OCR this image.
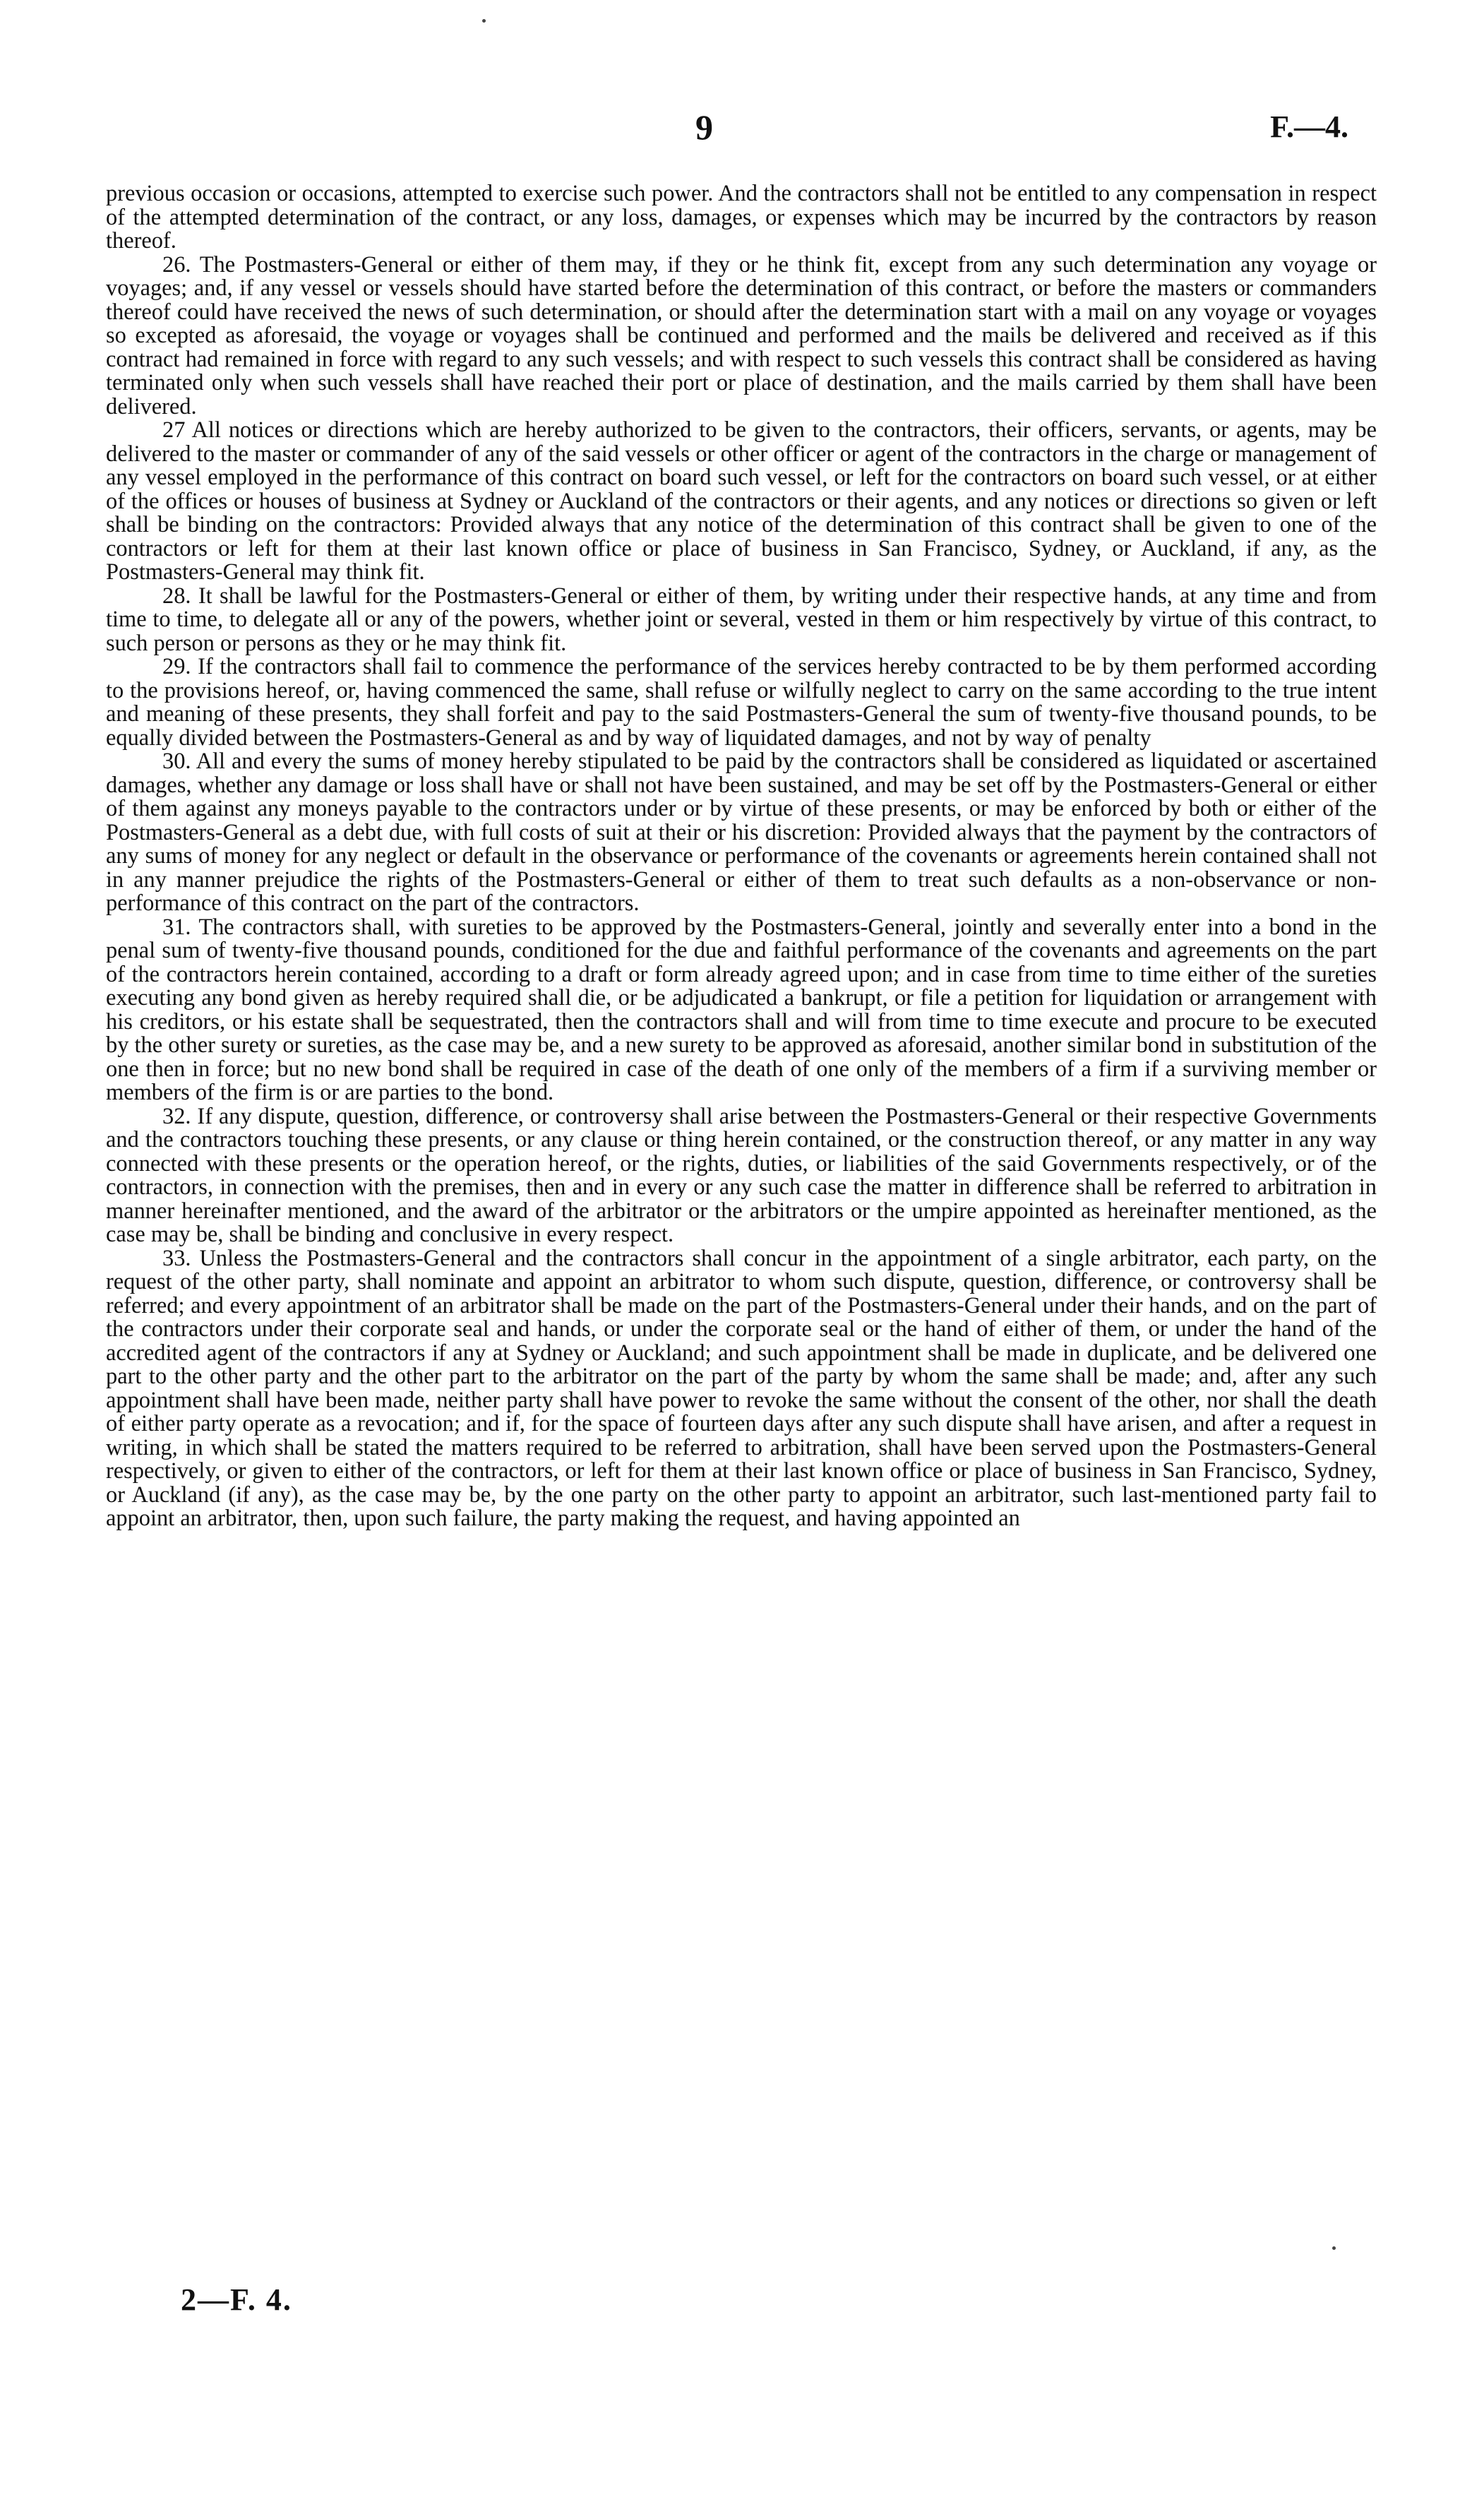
9	F.—4.

previous occasion or occasions, attempted to exercise such power. And the contractors shall not be entitled to any compensation in respect of the attempted determination of the contract, or any loss, damages, or expenses which may be incurred by the contractors by reason thereof.

26. The Postmasters-General or either of them may, if they or he think fit, except from any such determination any voyage or voyages; and, if any vessel or vessels should have started before the determination of this contract, or before the masters or commanders thereof could have received the news of such determination, or should after the determination start with a mail on any voyage or voyages so excepted as aforesaid, the voyage or voyages shall be continued and performed and the mails be delivered and received as if this contract had remained in force with regard to any such vessels; and with respect to such vessels this contract shall be considered as having terminated only when such vessels shall have reached their port or place of destination, and the mails carried by them shall have been delivered.

27 All notices or directions which are hereby authorized to be given to the contractors, their officers, servants, or agents, may be delivered to the master or commander of any of the said vessels or other officer or agent of the contractors in the charge or management of any vessel employed in the performance of this contract on board such vessel, or left for the contractors on board such vessel, or at either of the offices or houses of business at Sydney or Auckland of the contractors or their agents, and any notices or directions so given or left shall be binding on the contractors: Provided always that any notice of the determination of this contract shall be given to one of the contractors or left for them at their last known office or place of business in San Francisco, Sydney, or Auckland, if any, as the Postmasters-General may think fit.

28. It shall be lawful for the Postmasters-General or either of them, by writing under their respective hands, at any time and from time to time, to delegate all or any of the powers, whether joint or several, vested in them or him respectively by virtue of this contract, to such person or persons as they or he may think fit.

29. If the contractors shall fail to commence the performance of the services hereby contracted to be by them performed according to the provisions hereof, or, having commenced the same, shall refuse or wilfully neglect to carry on the same according to the true intent and meaning of these presents, they shall forfeit and pay to the said Postmasters-General the sum of twenty-five thousand pounds, to be equally divided between the Postmasters-General as and by way of liquidated damages, and not by way of penalty

30. All and every the sums of money hereby stipulated to be paid by the contractors shall be considered as liquidated or ascertained damages, whether any damage or loss shall have or shall not have been sustained, and may be set off by the Postmasters-General or either of them against any moneys payable to the contractors under or by virtue of these presents, or may be enforced by both or either of the Postmasters-General as a debt due, with full costs of suit at their or his discretion: Provided always that the payment by the contractors of any sums of money for any neglect or default in the observance or performance of the covenants or agreements herein contained shall not in any manner prejudice the rights of the Postmasters-General or either of them to treat such defaults as a non-observance or non-performance of this contract on the part of the contractors.

31. The contractors shall, with sureties to be approved by the Postmasters-General, jointly and severally enter into a bond in the penal sum of twenty-five thousand pounds, conditioned for the due and faithful performance of the covenants and agreements on the part of the contractors herein contained, according to a draft or form already agreed upon; and in case from time to time either of the sureties executing any bond given as hereby required shall die, or be adjudicated a bankrupt, or file a petition for liquidation or arrangement with his creditors, or his estate shall be sequestrated, then the contractors shall and will from time to time execute and procure to be executed by the other surety or sureties, as the case may be, and a new surety to be approved as aforesaid, another similar bond in substitution of the one then in force; but no new bond shall be required in case of the death of one only of the members of a firm if a surviving member or members of the firm is or are parties to the bond.

32. If any dispute, question, difference, or controversy shall arise between the Postmasters-General or their respective Governments and the contractors touching these presents, or any clause or thing herein contained, or the construction thereof, or any matter in any way connected with these presents or the operation hereof, or the rights, duties, or liabilities of the said Governments respectively, or of the contractors, in connection with the premises, then and in every or any such case the matter in difference shall be referred to arbitration in manner hereinafter mentioned, and the award of the arbitrator or the arbitrators or the umpire appointed as hereinafter mentioned, as the case may be, shall be binding and conclusive in every respect.

33. Unless the Postmasters-General and the contractors shall concur in the appointment of a single arbitrator, each party, on the request of the other party, shall nominate and appoint an arbitrator to whom such dispute, question, difference, or controversy shall be referred; and every appointment of an arbitrator shall be made on the part of the Postmasters-General under their hands, and on the part of the contractors under their corporate seal and hands, or under the corporate seal or the hand of either of them, or under the hand of the accredited agent of the contractors if any at Sydney or Auckland; and such appointment shall be made in duplicate, and be delivered one part to the other party and the other part to the arbitrator on the part of the party by whom the same shall be made; and, after any such appointment shall have been made, neither party shall have power to revoke the same without the consent of the other, nor shall the death of either party operate as a revocation; and if, for the space of fourteen days after any such dispute shall have arisen, and after a request in writing, in which shall be stated the matters required to be referred to arbitration, shall have been served upon the Postmasters-General respectively, or given to either of the contractors, or left for them at their last known office or place of business in San Francisco, Sydney, or Auckland (if any), as the case may be, by the one party on the other party to appoint an arbitrator, such last-mentioned party fail to appoint an arbitrator, then, upon such failure, the party making the request, and having appointed an

2—F. 4.
